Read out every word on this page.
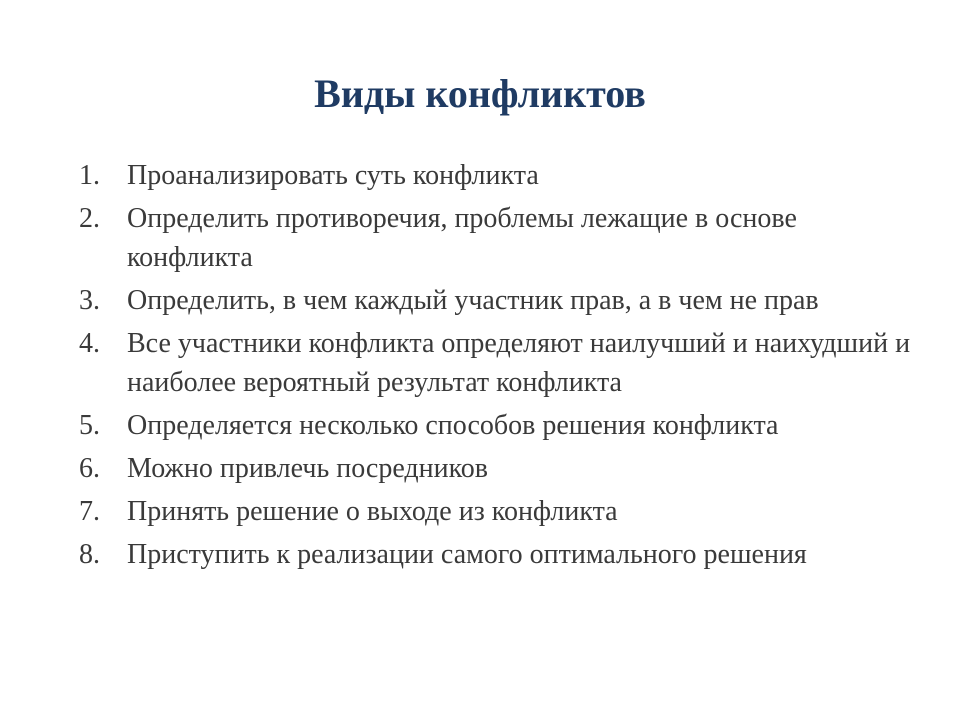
Виды конфликтов
1. Проанализировать суть конфликта
2. Определить противоречия, проблемы лежащие в основе конфликта
3. Определить, в чем каждый участник прав, а в чем не прав
4. Все участники конфликта определяют наилучший и наихудший и наиболее вероятный результат конфликта
5. Определяется несколько способов решения конфликта
6. Можно привлечь посредников
7. Принять решение о выходе из конфликта
8. Приступить к реализации самого оптимального решения
